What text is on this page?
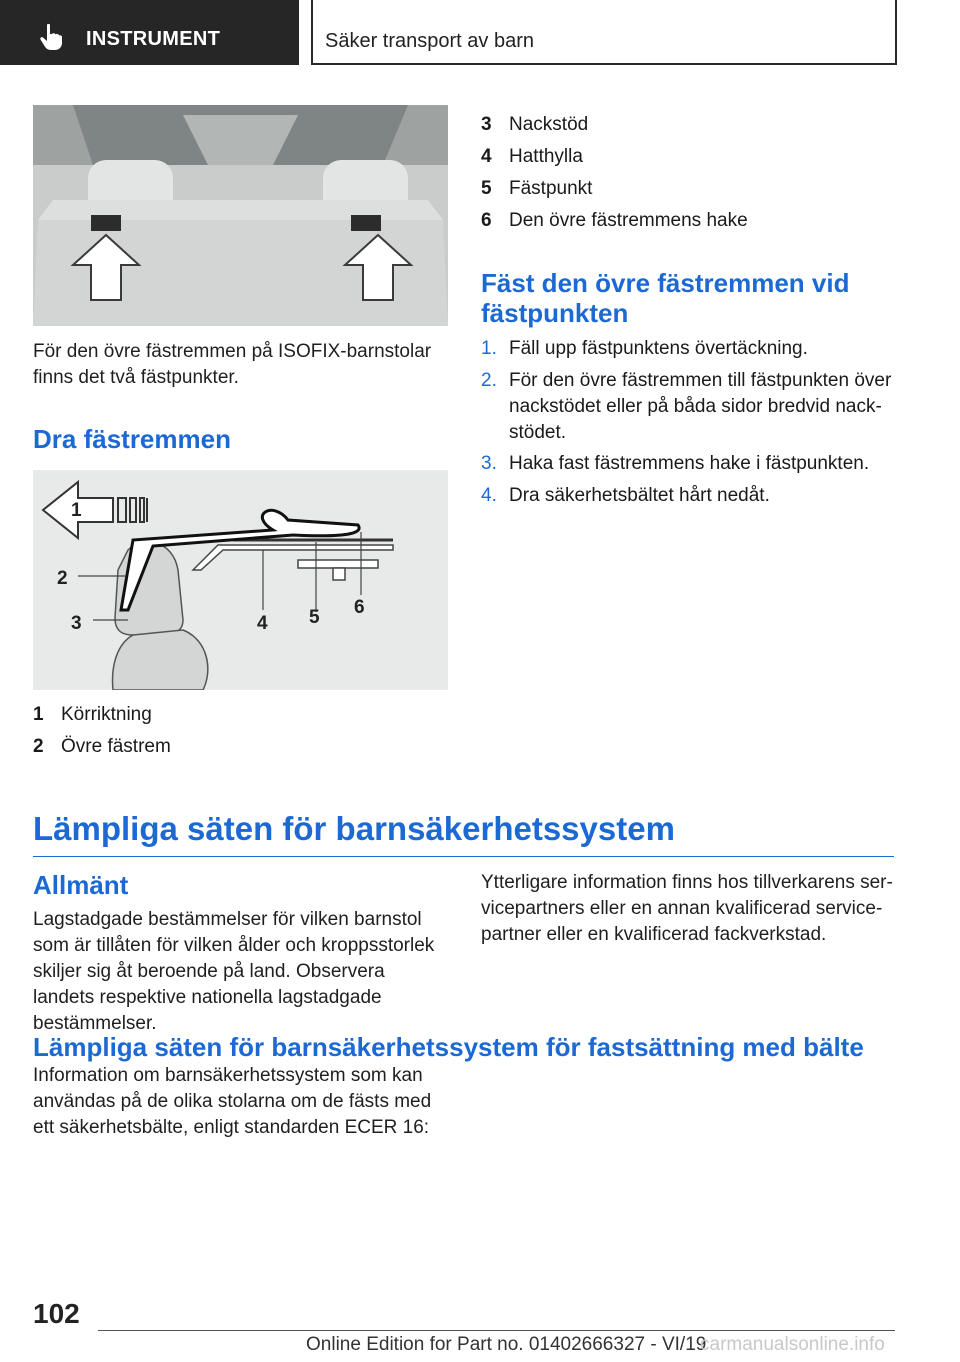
INSTRUMENT	Säker transport av barn
För den övre fästremmen på ISOFIX-barnstolar finns det två fästpunkter.
Dra fästremmen
1
2
3	4 5 6
1 Körriktning
2 Övre fästrem
3 Nackstöd
4 Hatthylla
5 Fästpunkt
6 Den övre fästremmens hake
Fäst den övre fästremmen vid
fästpunkten
1. Fäll upp fästpunktens övertäckning.
2. För den övre fästremmen till fästpunkten över nackstödet eller på båda sidor bredvid nackstödet.
3. Haka fast fästremmens hake i fästpunkten.
4. Dra säkerhetsbältet hårt nedåt.
Lämpliga säten för barnsäkerhetssystem
Allmänt
Lagstadgade bestämmelser för vilken barnstol som är tillåten för vilken ålder och kroppsstorlek skiljer sig åt beroende på land. Observera landets respektive nationella lagstadgade bestämmelser.
Ytterligare information finns hos tillverkarens servicepartners eller en annan kvalificerad servicepartner eller en kvalificerad fackverkstad.
Lämpliga säten för barnsäkerhetssystem för fastsättning med bälte
Information om barnsäkerhetssystem som kan användas på de olika stolarna om de fästs med ett säkerhetsbälte, enligt standarden ECER 16:
102
Online Edition for Part no. 01402666327 - VI/19
carmanualsonline.info
